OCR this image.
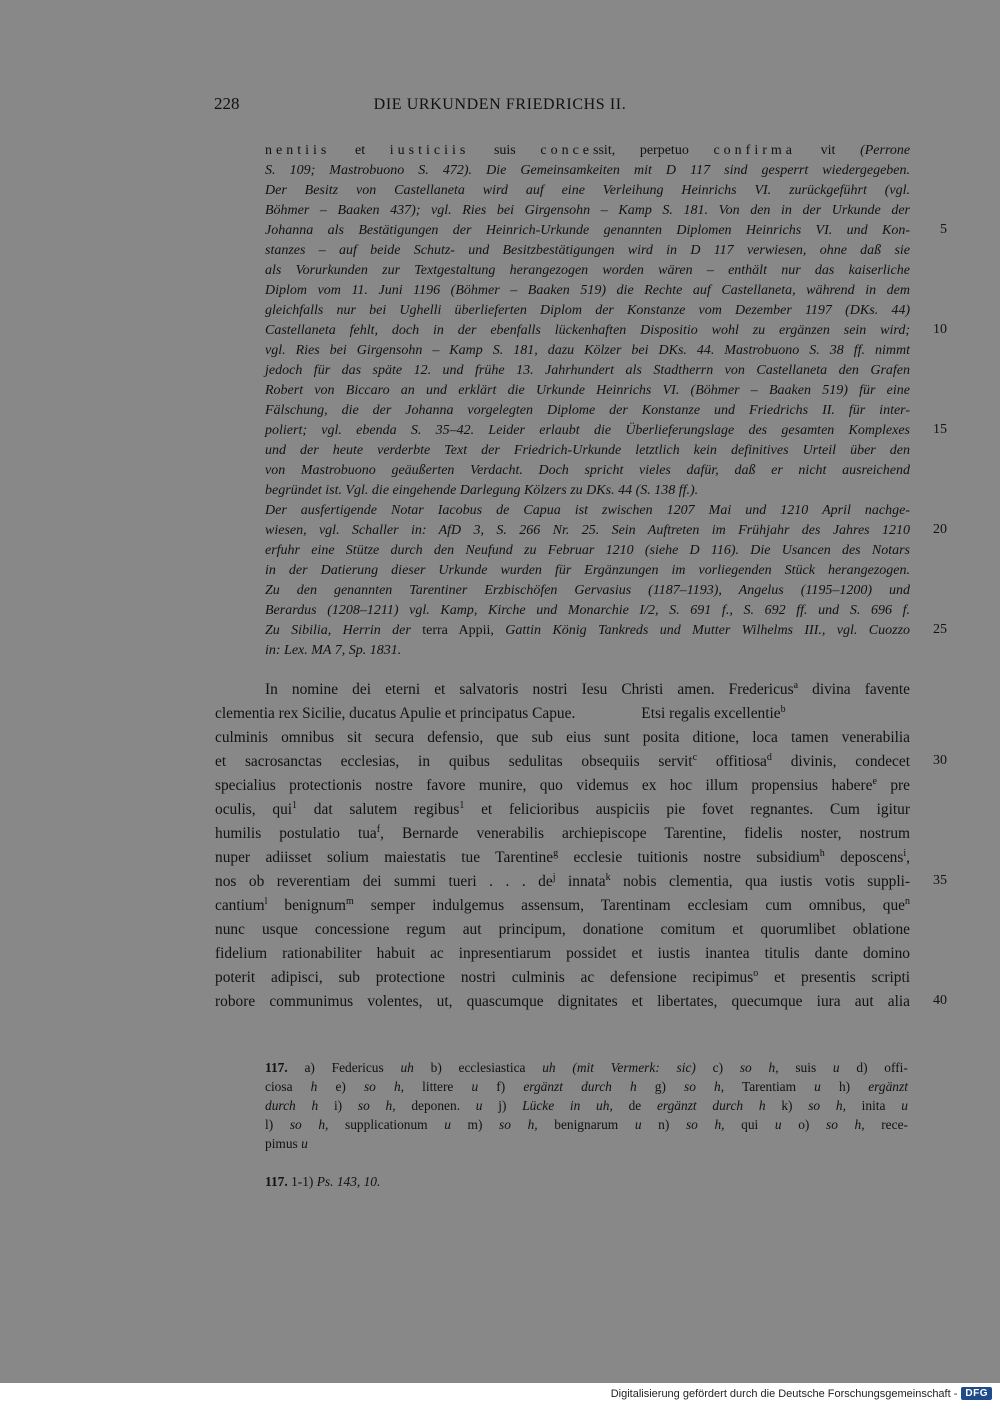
228	DIE URKUNDEN FRIEDRICHS II.
nentiis et iusticiis suis concessit, perpetuo confirma vit (Perrone
S. 109; Mastrobuono S. 472). Die Gemeinsamkeiten mit D 117 sind gesperrt wiedergegeben.
Der Besitz von Castellaneta wird auf eine Verleihung Heinrichs VI. zurückgeführt (vgl.
Böhmer – Baaken 437); vgl. Ries bei Girgensohn – Kamp S. 181. Von den in der Urkunde der
Johanna als Bestätigungen der Heinrich-Urkunde genannten Diplomen Heinrichs VI. und Kon-
stanzes – auf beide Schutz- und Besitzbestätigungen wird in D 117 verwiesen, ohne daß sie
als Vorurkunden zur Textgestaltung herangezogen worden wären – enthält nur das kaiserliche
Diplom vom 11. Juni 1196 (Böhmer – Baaken 519) die Rechte auf Castellaneta, während in dem
gleichfalls nur bei Ughelli überlieferten Diplom der Konstanze vom Dezember 1197 (DKs. 44)
Castellaneta fehlt, doch in der ebenfalls lückenhaften Dispositio wohl zu ergänzen sein wird;
vgl. Ries bei Girgensohn – Kamp S. 181, dazu Kölzer bei DKs. 44. Mastrobuono S. 38 ff. nimmt
jedoch für das späte 12. und frühe 13. Jahrhundert als Stadtherrn von Castellaneta den Grafen
Robert von Biccaro an und erklärt die Urkunde Heinrichs VI. (Böhmer – Baaken 519) für eine
Fälschung, die der Johanna vorgelegten Diplome der Konstanze und Friedrichs II. für inter-
poliert; vgl. ebenda S. 35–42. Leider erlaubt die Überlieferungslage des gesamten Komplexes
und der heute verderbte Text der Friedrich-Urkunde letztlich kein definitives Urteil über den
von Mastrobuono geäußerten Verdacht. Doch spricht vieles dafür, daß er nicht ausreichend
begründet ist. Vgl. die eingehende Darlegung Kölzers zu DKs. 44 (S. 138 ff.).
Der ausfertigende Notar Iacobus de Capua ist zwischen 1207 Mai und 1210 April nachge-
wiesen, vgl. Schaller in: AfD 3, S. 266 Nr. 25. Sein Auftreten im Frühjahr des Jahres 1210
erfuhr eine Stütze durch den Neufund zu Februar 1210 (siehe D 116). Die Usancen des Notars
in der Datierung dieser Urkunde wurden für Ergänzungen im vorliegenden Stück herangezogen.
Zu den genannten Tarentiner Erzbischöfen Gervasius (1187–1193), Angelus (1195–1200) und
Berardus (1208–1211) vgl. Kamp, Kirche und Monarchie I/2, S. 691 f., S. 692 ff. und S. 696 f.
Zu Sibilia, Herrin der terra Appii, Gattin König Tankreds und Mutter Wilhelms III., vgl. Cuozzo
in: Lex. MA 7, Sp. 1831.
5
10
15
20
25
In nomine dei eterni et salvatoris nostri Iesu Christi amen. Fredericus$^a$ divina favente
clementia rex Sicilie, ducatus Apulie et principatus Capue.	Etsi regalis excellentie$^b$
culminis omnibus sit secura defensio, que sub eius sunt posita ditione, loca tamen venerabilia
et sacrosanctas ecclesias, in quibus sedulitas obsequiis servit$^c$ offitiosa$^d$ divinis, condecet
specialius protectionis nostre favore munire, quo videmus ex hoc illum propensius habere$^e$ pre
oculis, qui$^1$ dat salutem regibus$^1$ et felicioribus auspiciis pie fovet regnantes. Cum igitur
humilis postulatio tua$^f$, Bernarde venerabilis archiepiscope Tarentine, fidelis noster, nostrum
nuper adiisset solium maiestatis tue Tarentine$^g$ ecclesie tuitionis nostre subsidium$^h$ deposcens$^i$,
nos ob reverentiam dei summi tueri . . . $de^j$ innata$^k$ nobis clementia, qua iustis votis suppli-
cantium$^l$ benignum$^m$ semper indulgemus assensum, Tarentinam ecclesiam cum omnibus, que$^n$
nunc usque concessione regum aut principum, donatione comitum et quorumlibet oblatione
fidelium rationabiliter habuit ac inpresentiarum possidet et iustis inantea titulis dante domino
poterit adipisci, sub protectione nostri culminis ac defensione recipimus$^o$ et presentis scripti
robore communimus volentes, ut, quascumque dignitates et libertates, quecumque iura aut alia
30
35
40
117. a) Federicus uh b) ecclesiastica uh (mit Vermerk: sic) c) so h, suis u d) offi-
ciosa h e) so h, littere u f) ergänzt durch h g) so h, Tarentiam u h) ergänzt
durch h i) so h, deponen. u j) Lücke in uh, de ergänzt durch h k) so h, inita u
l) so h, supplicationum u m) so h, benignarum u n) so h, qui u o) so h, rece-
pimus u
117. 1-1) Ps. 143, 10.
Digitalisierung gefördert durch die Deutsche Forschungsgemeinschaft - DFG
